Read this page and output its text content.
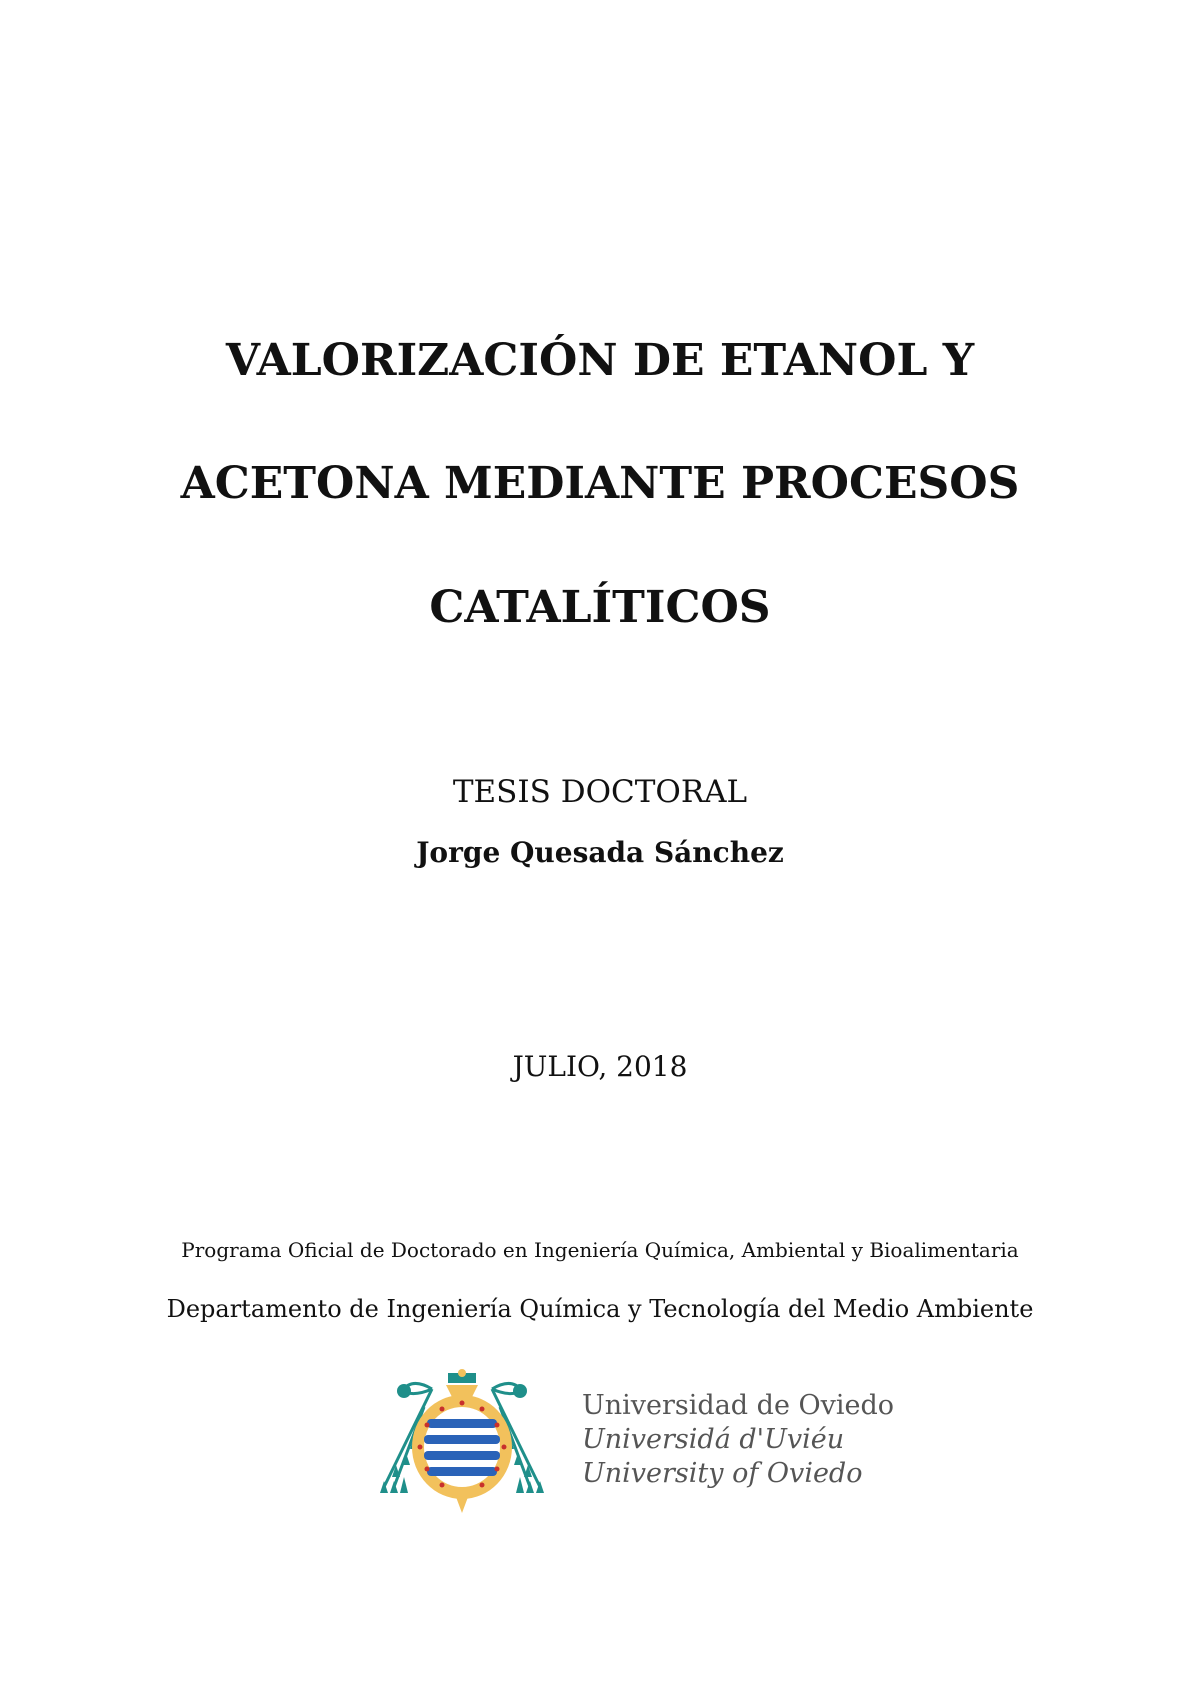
VALORIZACIÓN DE ETANOL Y
ACETONA MEDIANTE PROCESOS
CATALÍTICOS
TESIS DOCTORAL
Jorge Quesada Sánchez
JULIO, 2018
Programa Oficial de Doctorado en Ingeniería Química, Ambiental y Bioalimentaria
Departamento de Ingeniería Química y Tecnología del Medio Ambiente
Universidad de Oviedo
Universidá d'Uviéu
University of Oviedo
